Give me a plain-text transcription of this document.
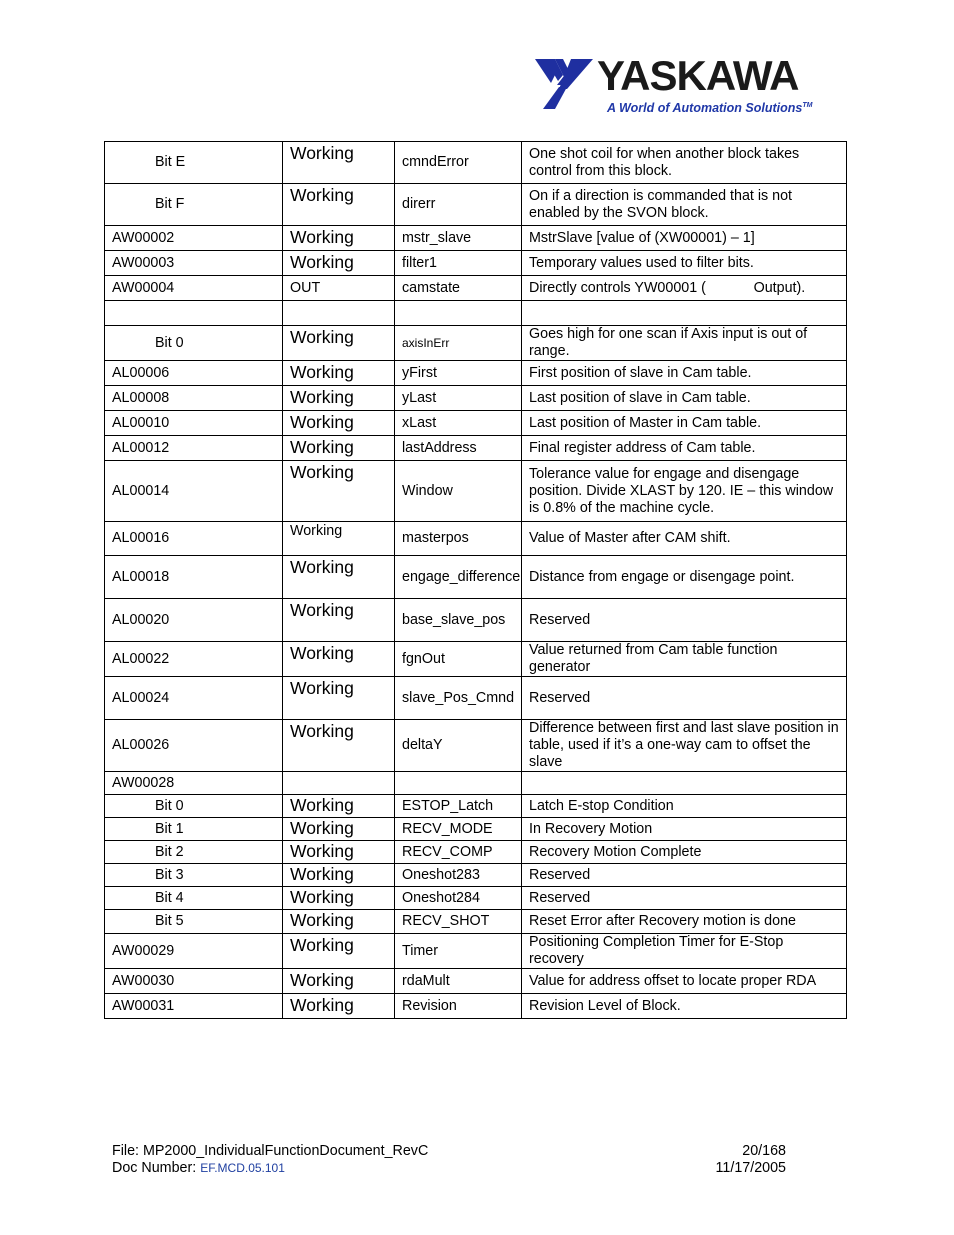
YASKAWA
A World of Automation Solutions™
Bit E	Working	cmndError	One shot coil for when another block takes control from this block.
Bit F	Working	direrr	On if a direction is commanded that is not enabled by the SVON block.
AW00002	Working	mstr_slave	MstrSlave [value of (XW00001) – 1]
AW00003	Working	filter1	Temporary values used to filter bits.
AW00004	OUT	camstate	Directly controls YW00001 (            Output).

Bit 0	Working	axisInErr	Goes high for one scan if Axis input is out of range.
AL00006	Working	yFirst	First position of slave in Cam table.
AL00008	Working	yLast	Last position of slave in Cam table.
AL00010	Working	xLast	Last position of Master in Cam table.
AL00012	Working	lastAddress	Final register address of Cam table.
AL00014	Working	Window	Tolerance value for engage and disengage position. Divide XLAST by 120. IE – this window is 0.8% of the machine cycle.
AL00016	Working	masterpos	Value of Master after CAM shift.
AL00018	Working	engage_difference	Distance from engage or disengage point.
AL00020	Working	base_slave_pos	Reserved
AL00022	Working	fgnOut	Value returned from Cam table function generator
AL00024	Working	slave_Pos_Cmnd	Reserved
AL00026	Working	deltaY	Difference between first and last slave position in table, used if it’s a one-way cam to offset the slave
AW00028			
Bit 0	Working	ESTOP_Latch	Latch E-stop Condition
Bit 1	Working	RECV_MODE	In Recovery Motion
Bit 2	Working	RECV_COMP	Recovery Motion Complete
Bit 3	Working	Oneshot283	Reserved
Bit 4	Working	Oneshot284	Reserved
Bit 5	Working	RECV_SHOT	Reset Error after Recovery motion is done
AW00029	Working	Timer	Positioning Completion Timer for E-Stop recovery
AW00030	Working	rdaMult	Value for address offset to locate proper RDA
AW00031	Working	Revision	Revision Level of Block.
File: MP2000_IndividualFunctionDocument_RevC
Doc Number: EF.MCD.05.101
20/168
11/17/2005
